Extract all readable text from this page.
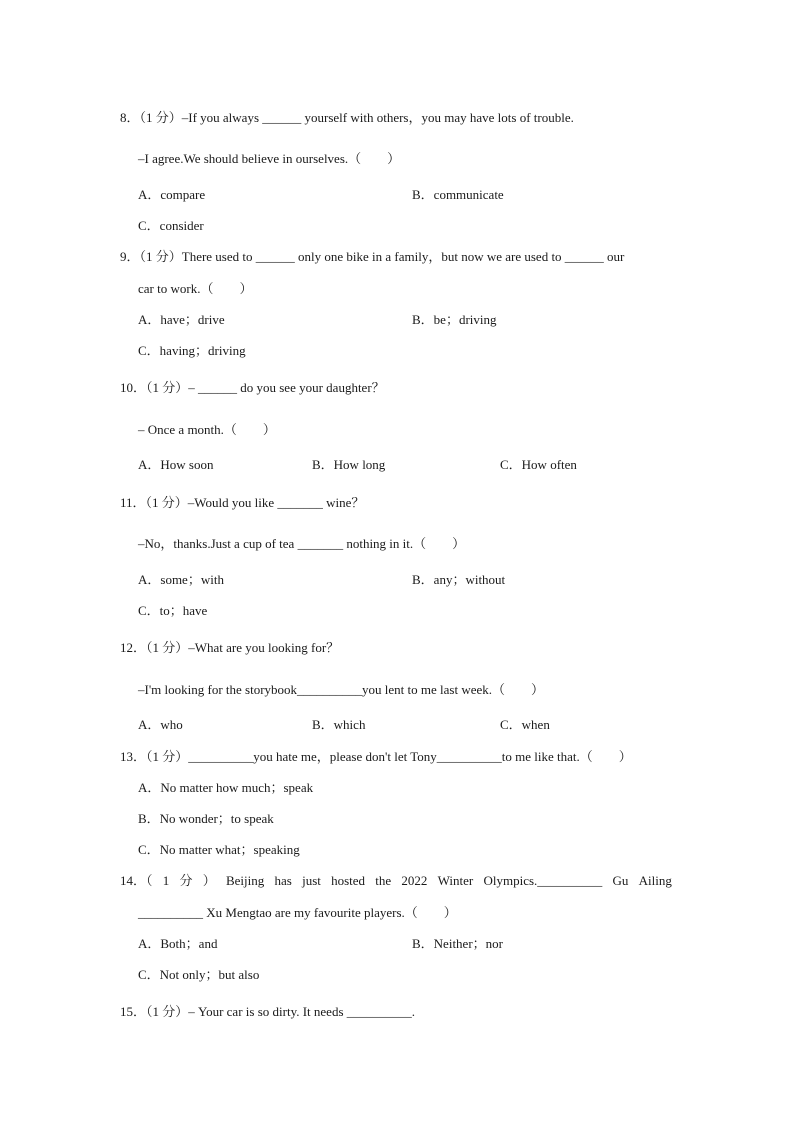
8．（1 分）–If you always ______ yourself with others，you may have lots of trouble.
–I agree.We should believe in ourselves.（　　）
A．compare	B．communicate
C．consider
9．（1 分）There used to ______ only one bike in a family，but now we are used to ______ our
car to work.（　　）
A．have；drive	B．be；driving
C．having；driving
10．（1 分）– ______ do you see your daughter？
– Once a month.（　　）
A．How soon	B．How long	C．How often
11．（1 分）–Would you like _______ wine？
–No，thanks.Just a cup of tea _______ nothing in it.（　　）
A．some；with	B．any；without
C．to；have
12．（1 分）–What are you looking for？
–I'm looking for the storybook__________you lent to me last week.（　　）
A．who	B．which	C．when
13．（1 分）__________you hate me，please don't let Tony__________to me like that.（　　）
A．No matter how much；speak
B．No wonder；to speak
C．No matter what；speaking
14．（ 1 分 ） Beijing has just hosted the 2022 Winter Olympics.__________ Gu Ailing
__________ Xu Mengtao are my favourite players.（　　）
A．Both；and	B．Neither；nor
C．Not only；but also
15．（1 分）– Your car is so dirty. It needs __________.
